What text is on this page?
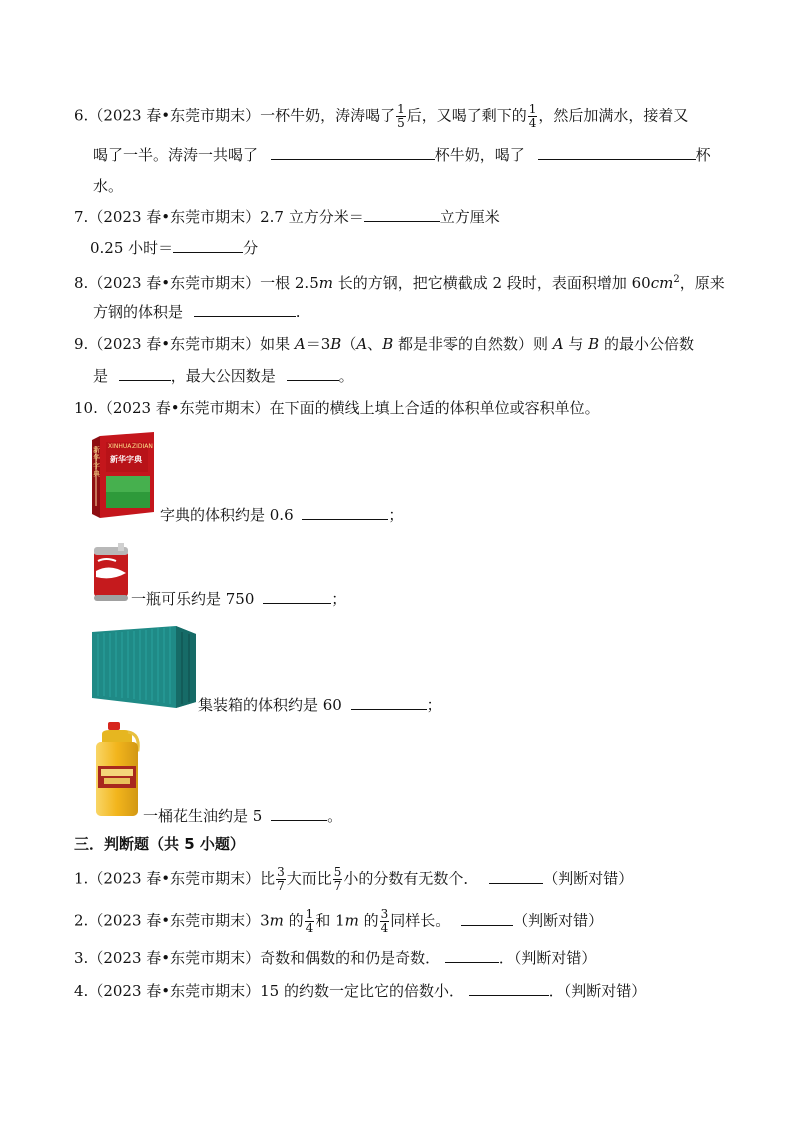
6.（2023 春•东莞市期末）一杯牛奶，涛涛喝了 $\frac{1}{5}$ 后，又喝了剩下的 $\frac{1}{4}$ ，然后加满水，接着又
喝了一半。涛涛一共喝了	杯牛奶，喝了	杯
水。
7.（2023 春•东莞市期末）2.7 立方分米＝	立方厘米
0.25 小时＝	分
8.（2023 春•东莞市期末）一根 2.5m 长的方钢，把它横截成 2 段时，表面积增加 $60cm^2$，原来
方钢的体积是	.
9.（2023 春•东莞市期末）如果 A＝3B（A、B 都是非零的自然数）则 A 与 B 的最小公倍数
是	，最大公因数是	。
10.（2023 春•东莞市期末）在下面的横线上填上合适的体积单位或容积单位。
XINHUA ZIDIAN
新华字典
新华字典
字典的体积约是 0.6	；
一瓶可乐约是 750	；
集装箱的体积约是 60	；
一桶花生油约是 5	。
三．判断题（共 5 小题）
1.（2023 春•东莞市期末）比 $\frac{3}{7}$ 大而比 $\frac{5}{7}$ 小的分数有无数个．	（判断对错）
2.（2023 春•东莞市期末）3m 的 $\frac{1}{4}$ 和 1m 的 $\frac{3}{4}$ 同样长。	（判断对错）
3.（2023 春•东莞市期末）奇数和偶数的和仍是奇数．	．（判断对错）
4.（2023 春•东莞市期末）15 的约数一定比它的倍数小．	．（判断对错）
